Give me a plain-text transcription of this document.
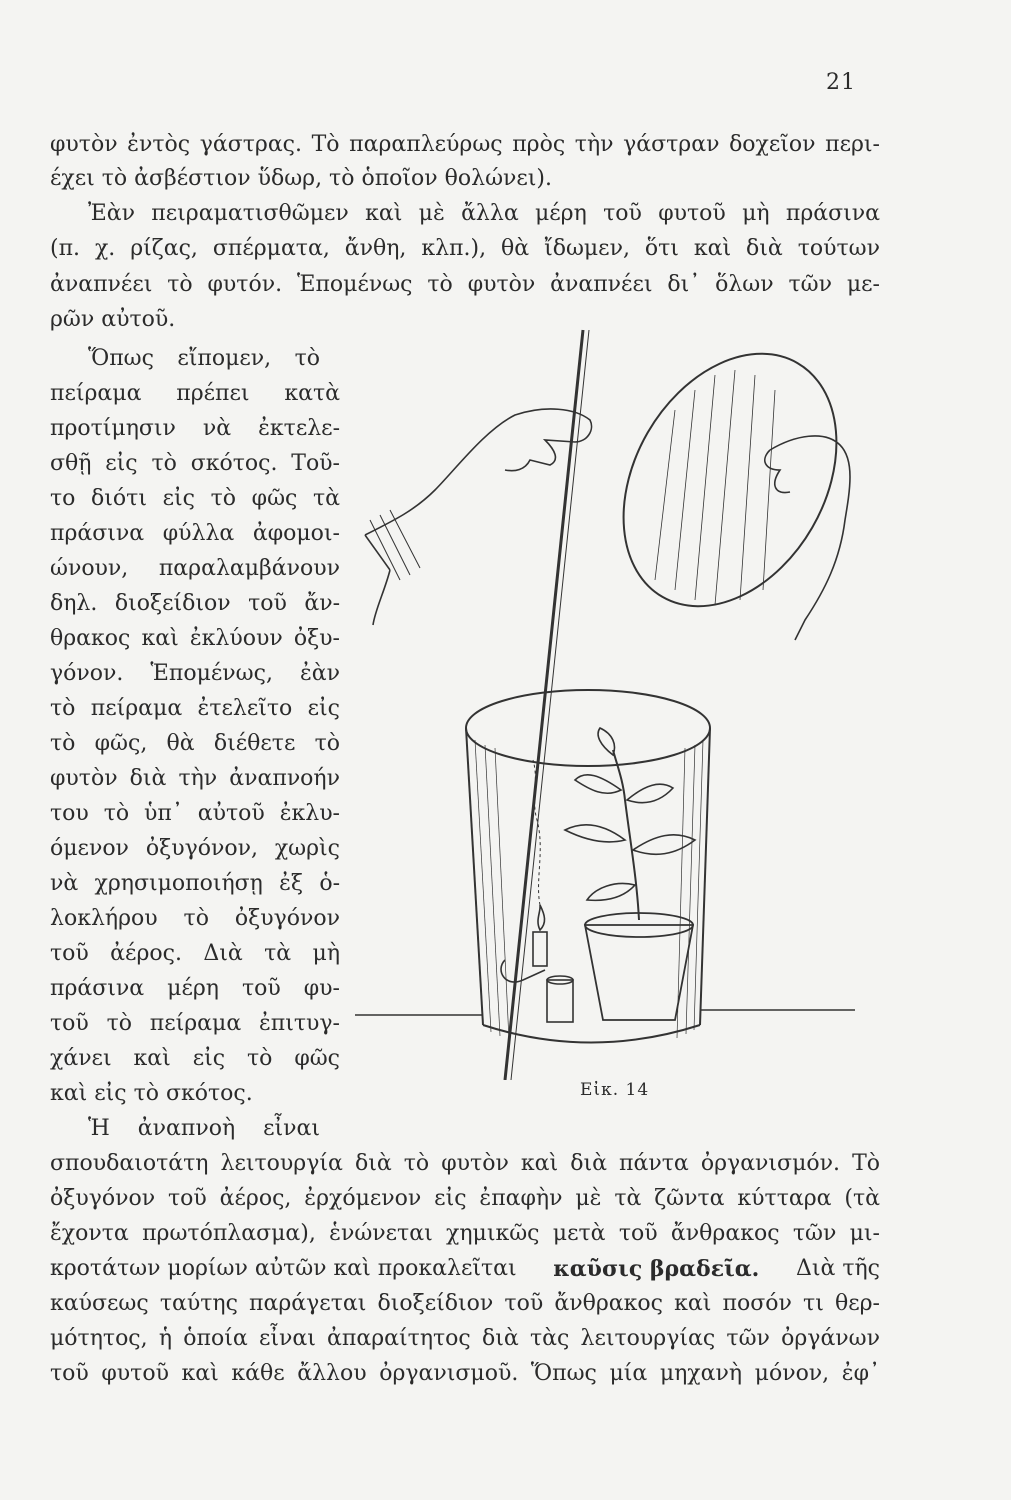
21
φυτὸν ἐντὸς γάστρας. Τὸ παραπλεύρως πρὸς τὴν γάστραν δοχεῖον περι-
έχει τὸ ἀσβέστιον ὕδωρ, τὸ ὁποῖον θολώνει).
Ἐὰν πειραματισθῶμεν καὶ μὲ ἄλλα μέρη τοῦ φυτοῦ μὴ πράσινα
(π. χ. ρίζας, σπέρματα, ἄνθη, κλπ.), θὰ ἴδωμεν, ὅτι καὶ διὰ τούτων
ἀναπνέει τὸ φυτόν. Ἑπομένως τὸ φυτὸν ἀναπνέει δι᾿ ὅλων τῶν με-
ρῶν αὐτοῦ.
Ὅπως εἴπομεν, τὸ
πείραμα πρέπει κατὰ
προτίμησιν νὰ ἐκτελε-
σθῇ εἰς τὸ σκότος. Τοῦ-
το διότι εἰς τὸ φῶς τὰ
πράσινα φύλλα ἀφομοι-
ώνουν, παραλαμβάνουν
δηλ. διοξείδιον τοῦ ἄν-
θρακος καὶ ἐκλύουν ὀξυ-
γόνον. Ἑπομένως, ἐὰν
τὸ πείραμα ἐτελεῖτο εἰς
τὸ φῶς, θὰ διέθετε τὸ
φυτὸν διὰ τὴν ἀναπνοήν
του τὸ ὑπ᾿ αὐτοῦ ἐκλυ-
όμενον ὀξυγόνον, χωρὶς
νὰ χρησιμοποιήσῃ ἐξ ὁ-
λοκλήρου τὸ ὀξυγόνον
τοῦ ἀέρος. Διὰ τὰ μὴ
πράσινα μέρη τοῦ φυ-
τοῦ τὸ πείραμα ἐπιτυγ-
χάνει καὶ εἰς τὸ φῶς
καὶ εἰς τὸ σκότος.
Ἡ ἀναπνοὴ εἶναι
Εἰκ. 14
σπουδαιοτάτη λειτουργία διὰ τὸ φυτὸν καὶ διὰ πάντα ὀργανισμόν. Τὸ
ὀξυγόνον τοῦ ἀέρος, ἐρχόμενον εἰς ἐπαφὴν μὲ τὰ ζῶντα κύτταρα (τὰ
ἔχοντα πρωτόπλασμα), ἑνώνεται χημικῶς μετὰ τοῦ ἄνθρακος τῶν μι-
κροτάτων μορίων αὐτῶν καὶ προκαλεῖται καῦσις βραδεῖα. Διὰ τῆς
καύσεως ταύτης παράγεται διοξείδιον τοῦ ἄνθρακος καὶ ποσόν τι θερ-
μότητος, ἡ ὁποία εἶναι ἀπαραίτητος διὰ τὰς λειτουργίας τῶν ὀργάνων
τοῦ φυτοῦ καὶ κάθε ἄλλου ὀργανισμοῦ. Ὅπως μία μηχανὴ μόνον, ἐφ᾿
